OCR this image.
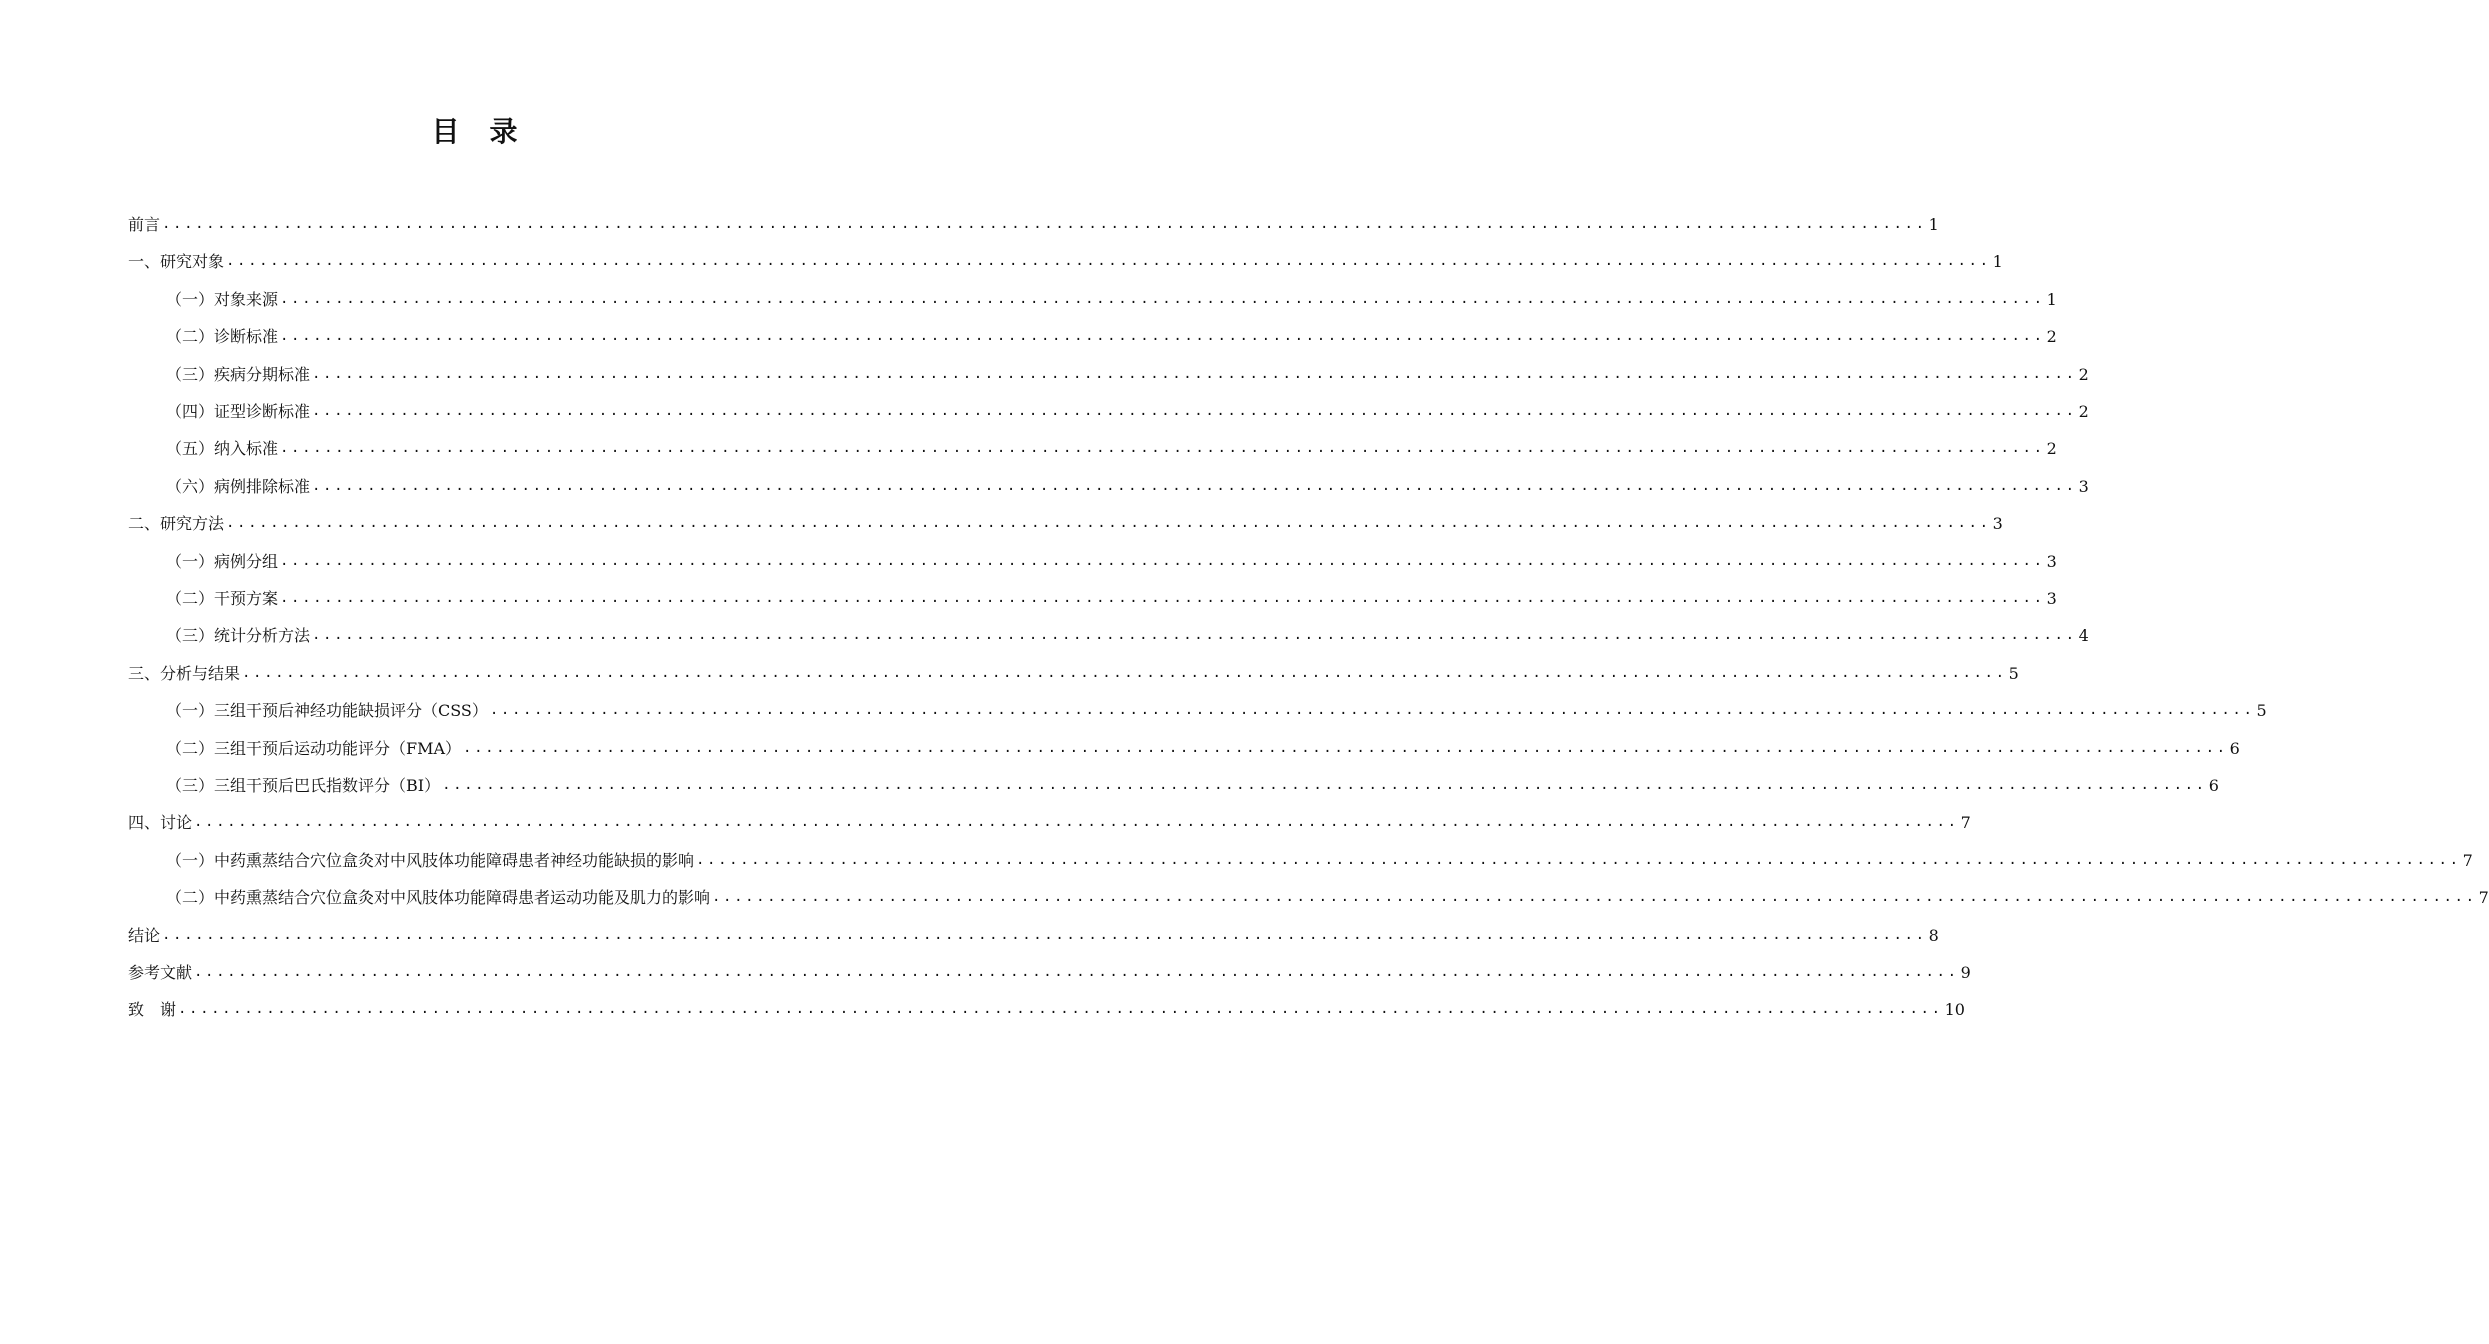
目　录
前言 ................................................................................................................................................................ 1
一、研究对象 ................................................................................................................................................................ 1
（一）对象来源 ................................................................................................................................................................ 1
（二）诊断标准 ................................................................................................................................................................ 2
（三）疾病分期标准 ................................................................................................................................................................ 2
（四）证型诊断标准 ................................................................................................................................................................ 2
（五）纳入标准 ................................................................................................................................................................ 2
（六）病例排除标准 ................................................................................................................................................................ 3
二、研究方法 ................................................................................................................................................................ 3
（一）病例分组 ................................................................................................................................................................ 3
（二）干预方案 ................................................................................................................................................................ 3
（三）统计分析方法 ................................................................................................................................................................ 4
三、分析与结果 ................................................................................................................................................................ 5
（一）三组干预后神经功能缺损评分（CSS） ................................................................................................................................................................ 5
（二）三组干预后运动功能评分（FMA） ................................................................................................................................................................ 6
（三）三组干预后巴氏指数评分（BI） ................................................................................................................................................................ 6
四、讨论 ................................................................................................................................................................ 7
（一）中药熏蒸结合穴位盒灸对中风肢体功能障碍患者神经功能缺损的影响 ................................................................................................................................................................ 7
（二）中药熏蒸结合穴位盒灸对中风肢体功能障碍患者运动功能及肌力的影响 ................................................................................................................................................................ 7
结论 ................................................................................................................................................................ 8
参考文献 ................................................................................................................................................................ 9
致　谢 ................................................................................................................................................................ 10
